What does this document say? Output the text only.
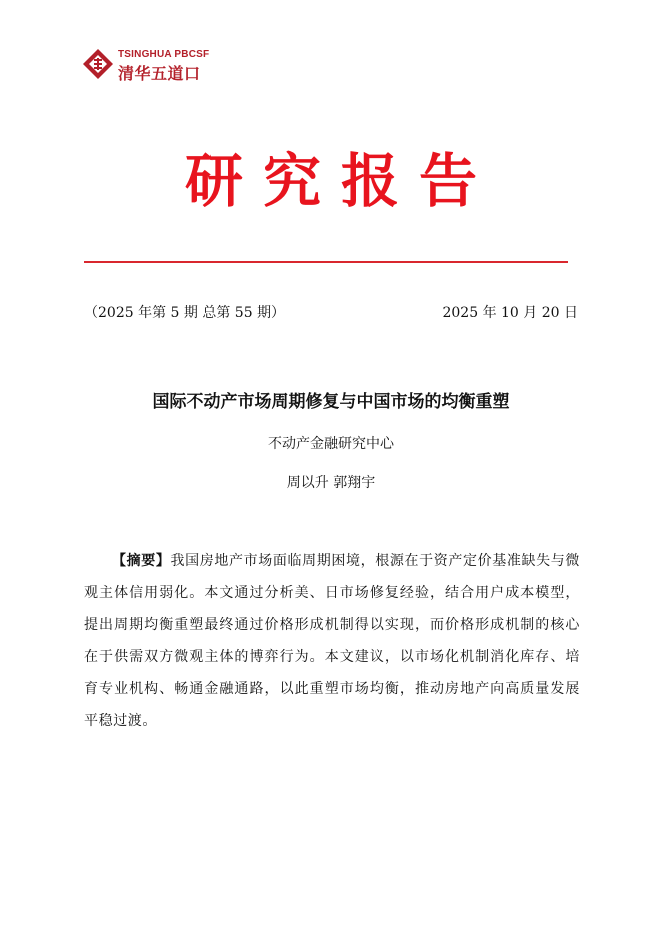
TSINGHUA PBCSF
清华五道口
研究报告
（2025 年第 5 期 总第 55 期）	2025 年 10 月 20 日
国际不动产市场周期修复与中国市场的均衡重塑
不动产金融研究中心
周以升 郭翔宇
【摘要】我国房地产市场面临周期困境，根源在于资产定价基准缺失与微观主体信用弱化。本文通过分析美、日市场修复经验，结合用户成本模型，提出周期均衡重塑最终通过价格形成机制得以实现，而价格形成机制的核心在于供需双方微观主体的博弈行为。本文建议，以市场化机制消化库存、培育专业机构、畅通金融通路，以此重塑市场均衡，推动房地产向高质量发展平稳过渡。
